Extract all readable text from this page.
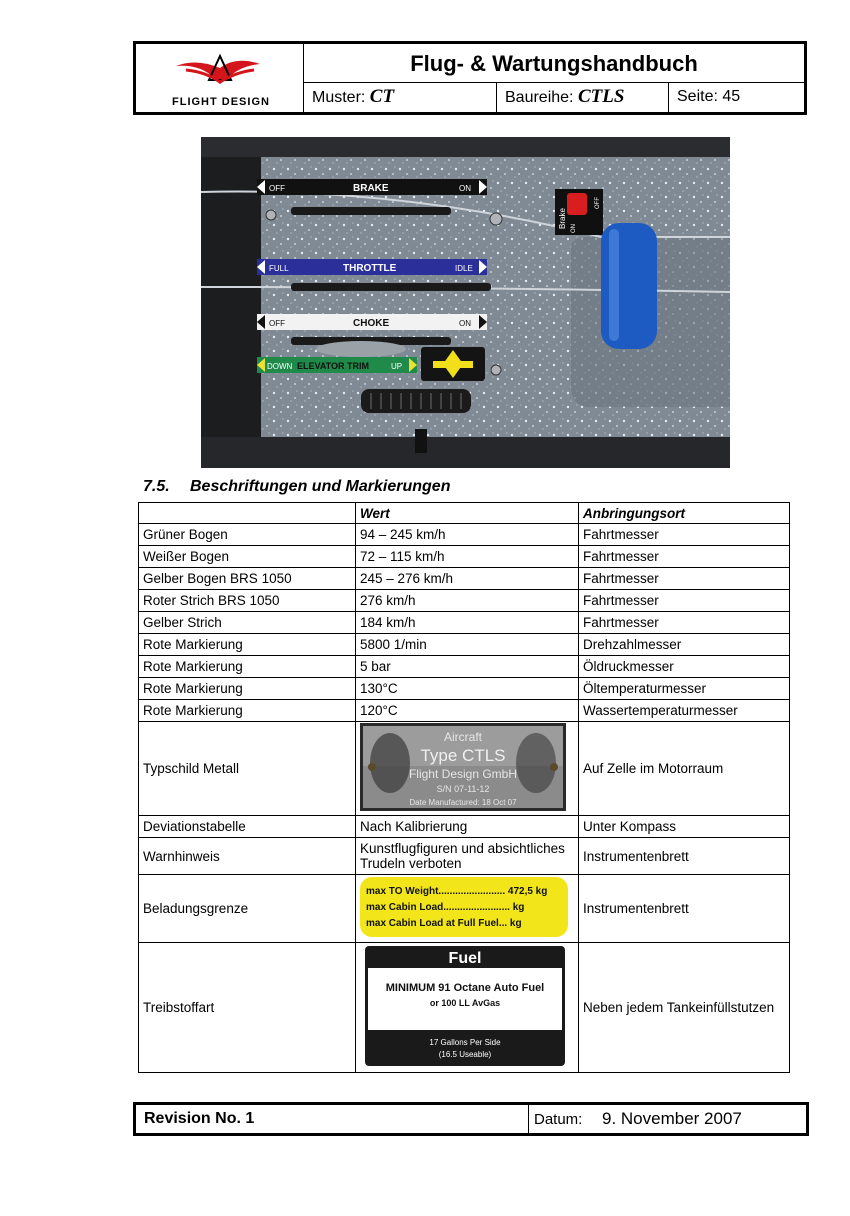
FLIGHT DESIGN
Flug- & Wartungshandbuch
Muster: CT	Baureihe: CTLS	Seite: 45
OFF	BRAKE	ON
FULL	THROTTLE	IDLE
OFF	CHOKE	ON
DOWN ELEVATOR TRIM	UP
Brake ON
OFF
7.5. Beschriftungen und Markierungen
	Wert	Anbringungsort
Grüner Bogen	94 – 245 km/h	Fahrtmesser
Weißer Bogen	72 – 115 km/h	Fahrtmesser
Gelber Bogen BRS 1050	245 – 276 km/h	Fahrtmesser
Roter Strich BRS 1050	276 km/h	Fahrtmesser
Gelber Strich	184 km/h	Fahrtmesser
Rote Markierung	5800 1/min	Drehzahlmesser
Rote Markierung	5 bar	Öldruckmesser
Rote Markierung	130°C	Öltemperaturmesser
Rote Markierung	120°C	Wassertemperaturmesser
Typschild Metall	Aircraft
Type CTLS
Flight Design GmbH
S/N 07-11-12
Date Manufactured: 18 Oct 07	Auf Zelle im Motorraum
Deviationstabelle	Nach Kalibrierung	Unter Kompass
Warnhinweis	Kunstflugfiguren und absichtliches Trudeln verboten	Instrumentenbrett
Beladungsgrenze	max TO Weight........................ 472,5 kg
max Cabin Load........................ kg
max Cabin Load at Full Fuel... kg	Instrumentenbrett
Treibstoffart	Fuel
MINIMUM 91 Octane Auto Fuel
or 100 LL AvGas
17 Gallons Per Side
(16.5 Useable)	Neben jedem Tankeinfüllstutzen
Revision No. 1	Datum: 9. November 2007
